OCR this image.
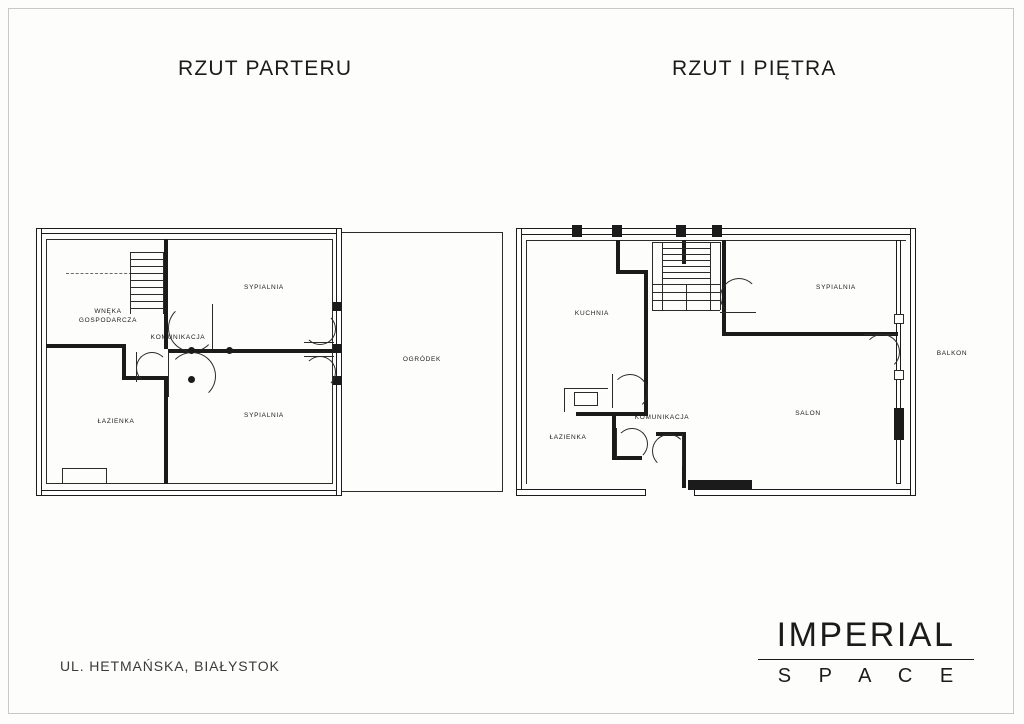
RZUT PARTERU	RZUT I PIĘTRA
WNĘKA
GOSPODARCZA
KOMUNIKACJA
SYPIALNIA
SYPIALNIA
ŁAZIENKA
OGRÓDEK
KUCHNIA
KOMUNIKACJA
ŁAZIENKA
SALON
SYPIALNIA
BALKON
UL. HETMAŃSKA, BIAŁYSTOK
IMPERIAL
S P A C E
